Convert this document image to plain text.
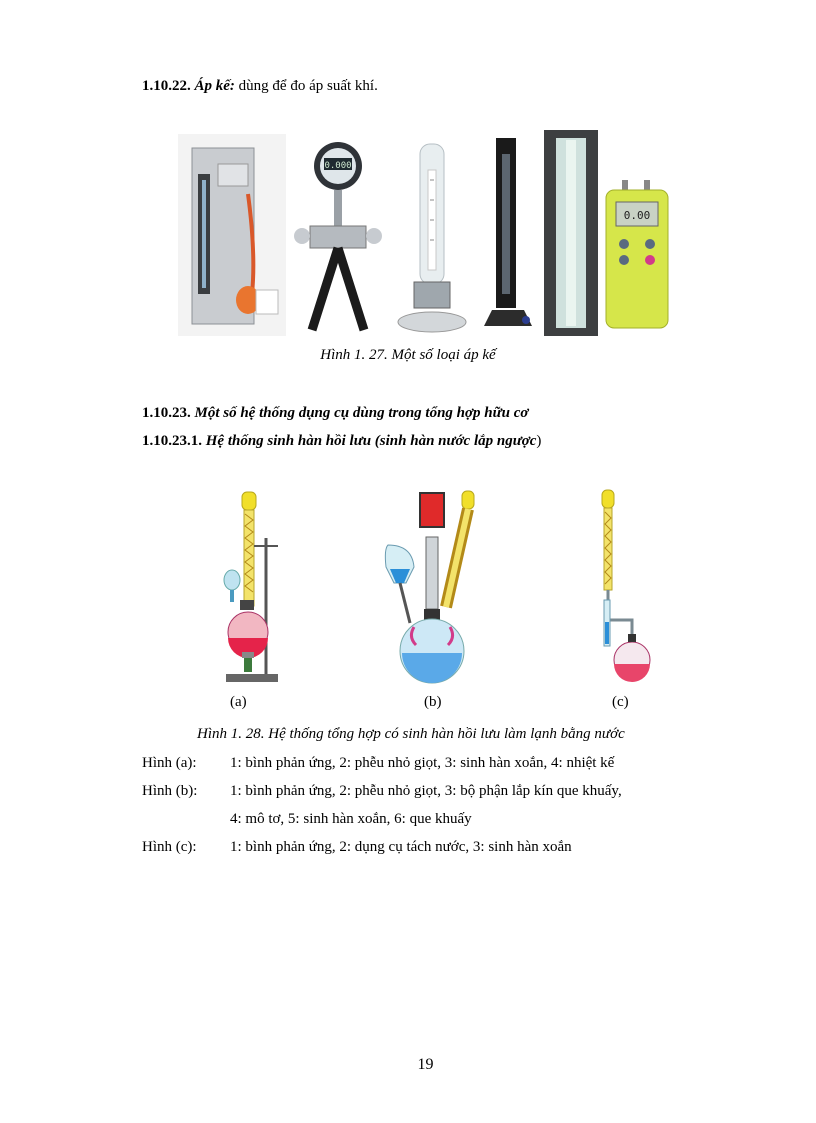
1.10.22. Áp kế: dùng để đo áp suất khí.
0.000
0.00
Hình 1. 27. Một số loại áp kế
1.10.23. Một số hệ thống dụng cụ dùng trong tổng hợp hữu cơ
1.10.23.1. Hệ thống sinh hàn hồi lưu (sinh hàn nước lắp ngược)
(a)	(b)	(c)
Hình 1. 28. Hệ thống tổng hợp có sinh hàn hồi lưu làm lạnh bằng nước
Hình (a): 1: bình phản ứng, 2: phễu nhỏ giọt, 3: sinh hàn xoắn, 4: nhiệt kế
Hình (b): 1: bình phản ứng, 2: phễu nhỏ giọt, 3: bộ phận lắp kín que khuấy,
4: mô tơ, 5: sinh hàn xoắn, 6: que khuấy
Hình (c): 1: bình phản ứng, 2: dụng cụ tách nước, 3: sinh hàn xoắn
19
